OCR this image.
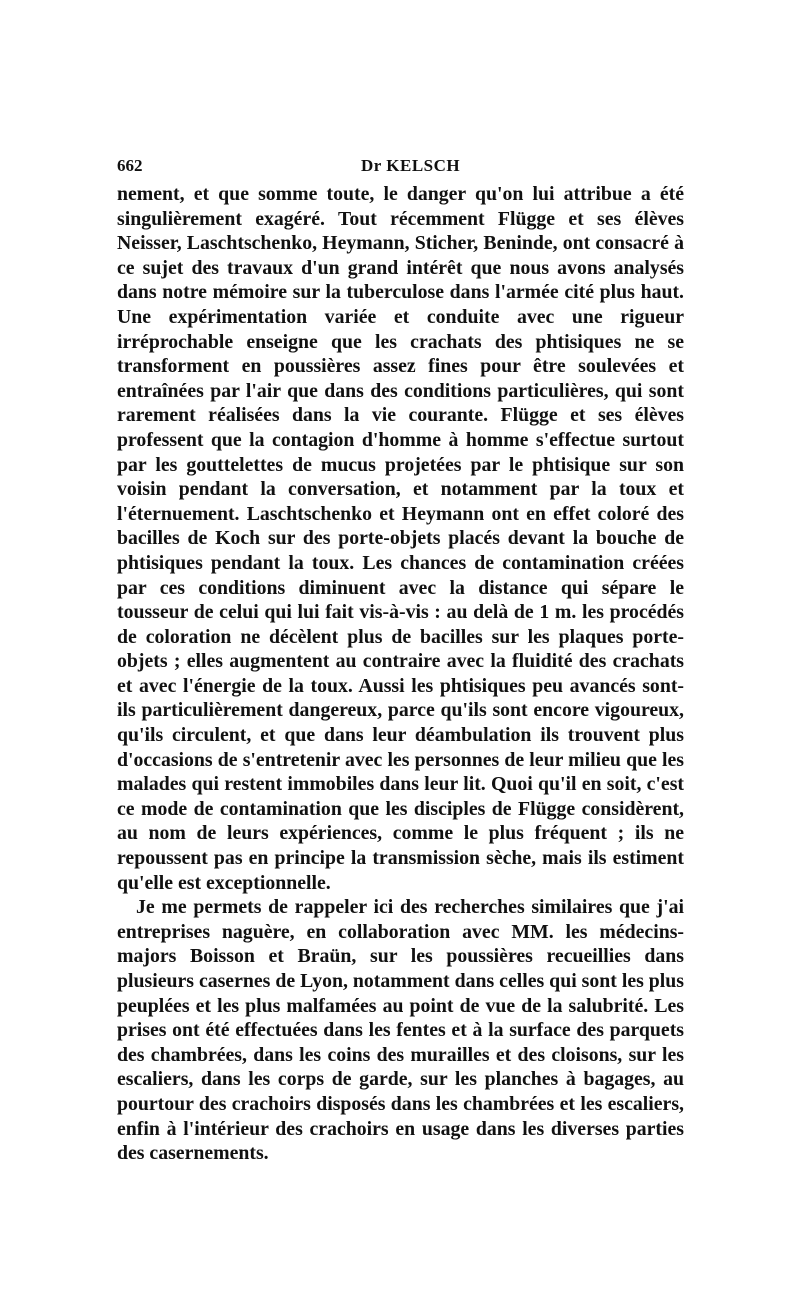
662	Dr KELSCH

nement, et que somme toute, le danger qu'on lui attribue a été singulièrement exagéré. Tout récemment Flügge et ses élèves Neisser, Laschtschenko, Heymann, Sticher, Beninde, ont consacré à ce sujet des travaux d'un grand intérêt que nous avons analysés dans notre mémoire sur la tuberculose dans l'armée cité plus haut. Une expérimentation variée et conduite avec une rigueur irréprochable enseigne que les crachats des phtisiques ne se transforment en poussières assez fines pour être soulevées et entraînées par l'air que dans des conditions particulières, qui sont rarement réalisées dans la vie courante. Flügge et ses élèves professent que la contagion d'homme à homme s'effectue surtout par les gouttelettes de mucus projetées par le phtisique sur son voisin pendant la conversation, et notamment par la toux et l'éternuement. Laschtschenko et Heymann ont en effet coloré des bacilles de Koch sur des porte-objets placés devant la bouche de phtisiques pendant la toux. Les chances de contamination créées par ces conditions diminuent avec la distance qui sépare le tousseur de celui qui lui fait vis-à-vis : au delà de 1 m. les procédés de coloration ne décèlent plus de bacilles sur les plaques porte-objets ; elles augmentent au contraire avec la fluidité des crachats et avec l'énergie de la toux. Aussi les phtisiques peu avancés sont-ils particulièrement dangereux, parce qu'ils sont encore vigoureux, qu'ils circulent, et que dans leur déambulation ils trouvent plus d'occasions de s'entretenir avec les personnes de leur milieu que les malades qui restent immobiles dans leur lit. Quoi qu'il en soit, c'est ce mode de contamination que les disciples de Flügge considèrent, au nom de leurs expériences, comme le plus fréquent ; ils ne repoussent pas en principe la transmission sèche, mais ils estiment qu'elle est exceptionnelle.

Je me permets de rappeler ici des recherches similaires que j'ai entreprises naguère, en collaboration avec MM. les médecins-majors Boisson et Braün, sur les poussières recueillies dans plusieurs casernes de Lyon, notamment dans celles qui sont les plus peuplées et les plus malfamées au point de vue de la salubrité. Les prises ont été effectuées dans les fentes et à la surface des parquets des chambrées, dans les coins des murailles et des cloisons, sur les escaliers, dans les corps de garde, sur les planches à bagages, au pourtour des crachoirs disposés dans les chambrées et les escaliers, enfin à l'intérieur des crachoirs en usage dans les diverses parties des casernements.
